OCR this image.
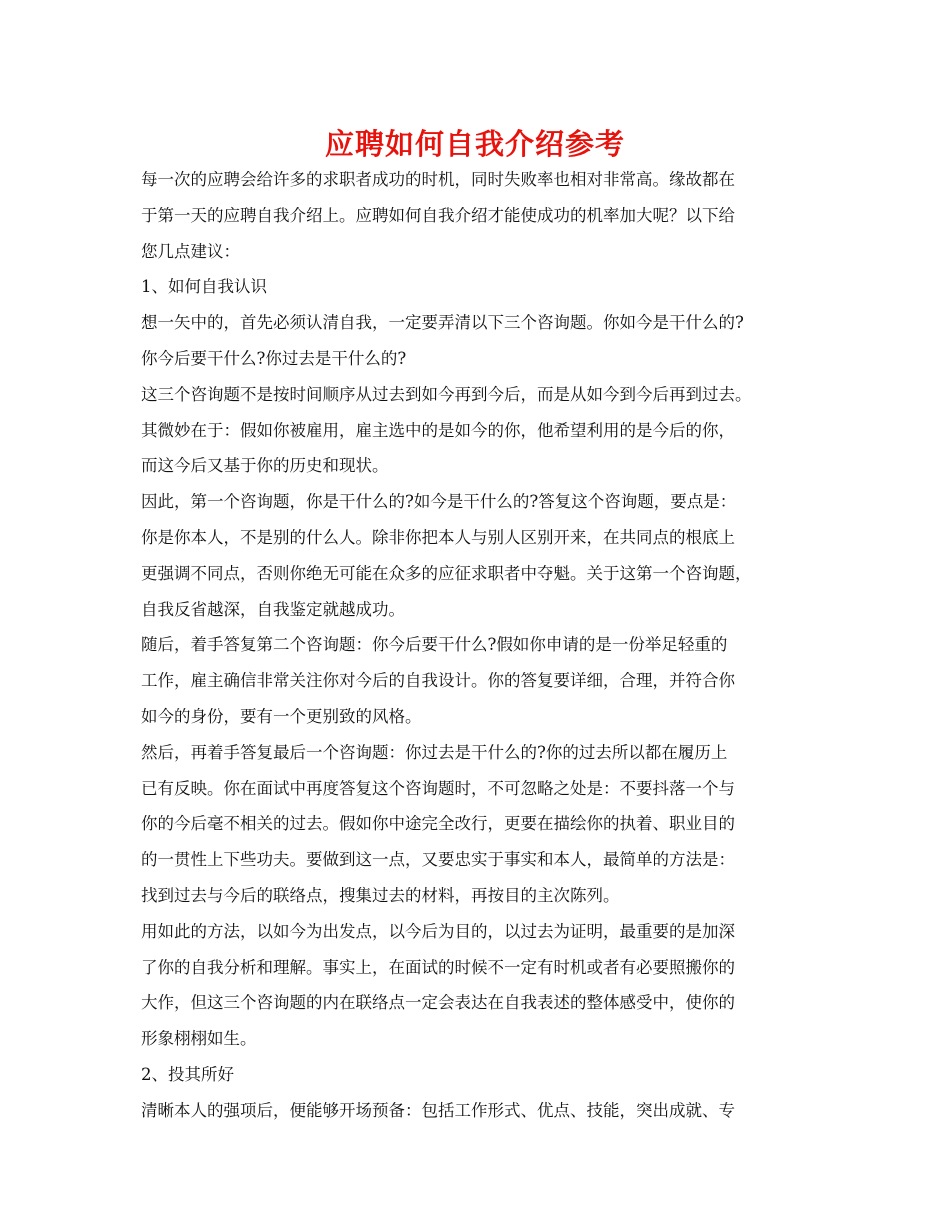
应聘如何自我介绍参考
每一次的应聘会给许多的求职者成功的时机，同时失败率也相对非常高。缘故都在
于第一天的应聘自我介绍上。应聘如何自我介绍才能使成功的机率加大呢？以下给
您几点建议：
1、如何自我认识
想一矢中的，首先必须认清自我，一定要弄清以下三个咨询题。你如今是干什么的?
你今后要干什么?你过去是干什么的?
这三个咨询题不是按时间顺序从过去到如今再到今后，而是从如今到今后再到过去。
其微妙在于：假如你被雇用，雇主选中的是如今的你，他希望利用的是今后的你，
而这今后又基于你的历史和现状。
因此，第一个咨询题，你是干什么的?如今是干什么的?答复这个咨询题，要点是：
你是你本人，不是别的什么人。除非你把本人与别人区别开来，在共同点的根底上
更强调不同点，否则你绝无可能在众多的应征求职者中夺魁。关于这第一个咨询题，
自我反省越深，自我鉴定就越成功。
随后，着手答复第二个咨询题：你今后要干什么?假如你申请的是一份举足轻重的
工作，雇主确信非常关注你对今后的自我设计。你的答复要详细，合理，并符合你
如今的身份，要有一个更别致的风格。
然后，再着手答复最后一个咨询题：你过去是干什么的?你的过去所以都在履历上
已有反映。你在面试中再度答复这个咨询题时，不可忽略之处是：不要抖落一个与
你的今后毫不相关的过去。假如你中途完全改行，更要在描绘你的执着、职业目的
的一贯性上下些功夫。要做到这一点，又要忠实于事实和本人，最简单的方法是：
找到过去与今后的联络点，搜集过去的材料，再按目的主次陈列。
用如此的方法，以如今为出发点，以今后为目的，以过去为证明，最重要的是加深
了你的自我分析和理解。事实上，在面试的时候不一定有时机或者有必要照搬你的
大作，但这三个咨询题的内在联络点一定会表达在自我表述的整体感受中，使你的
形象栩栩如生。
2、投其所好
清晰本人的强项后，便能够开场预备：包括工作形式、优点、技能，突出成就、专
